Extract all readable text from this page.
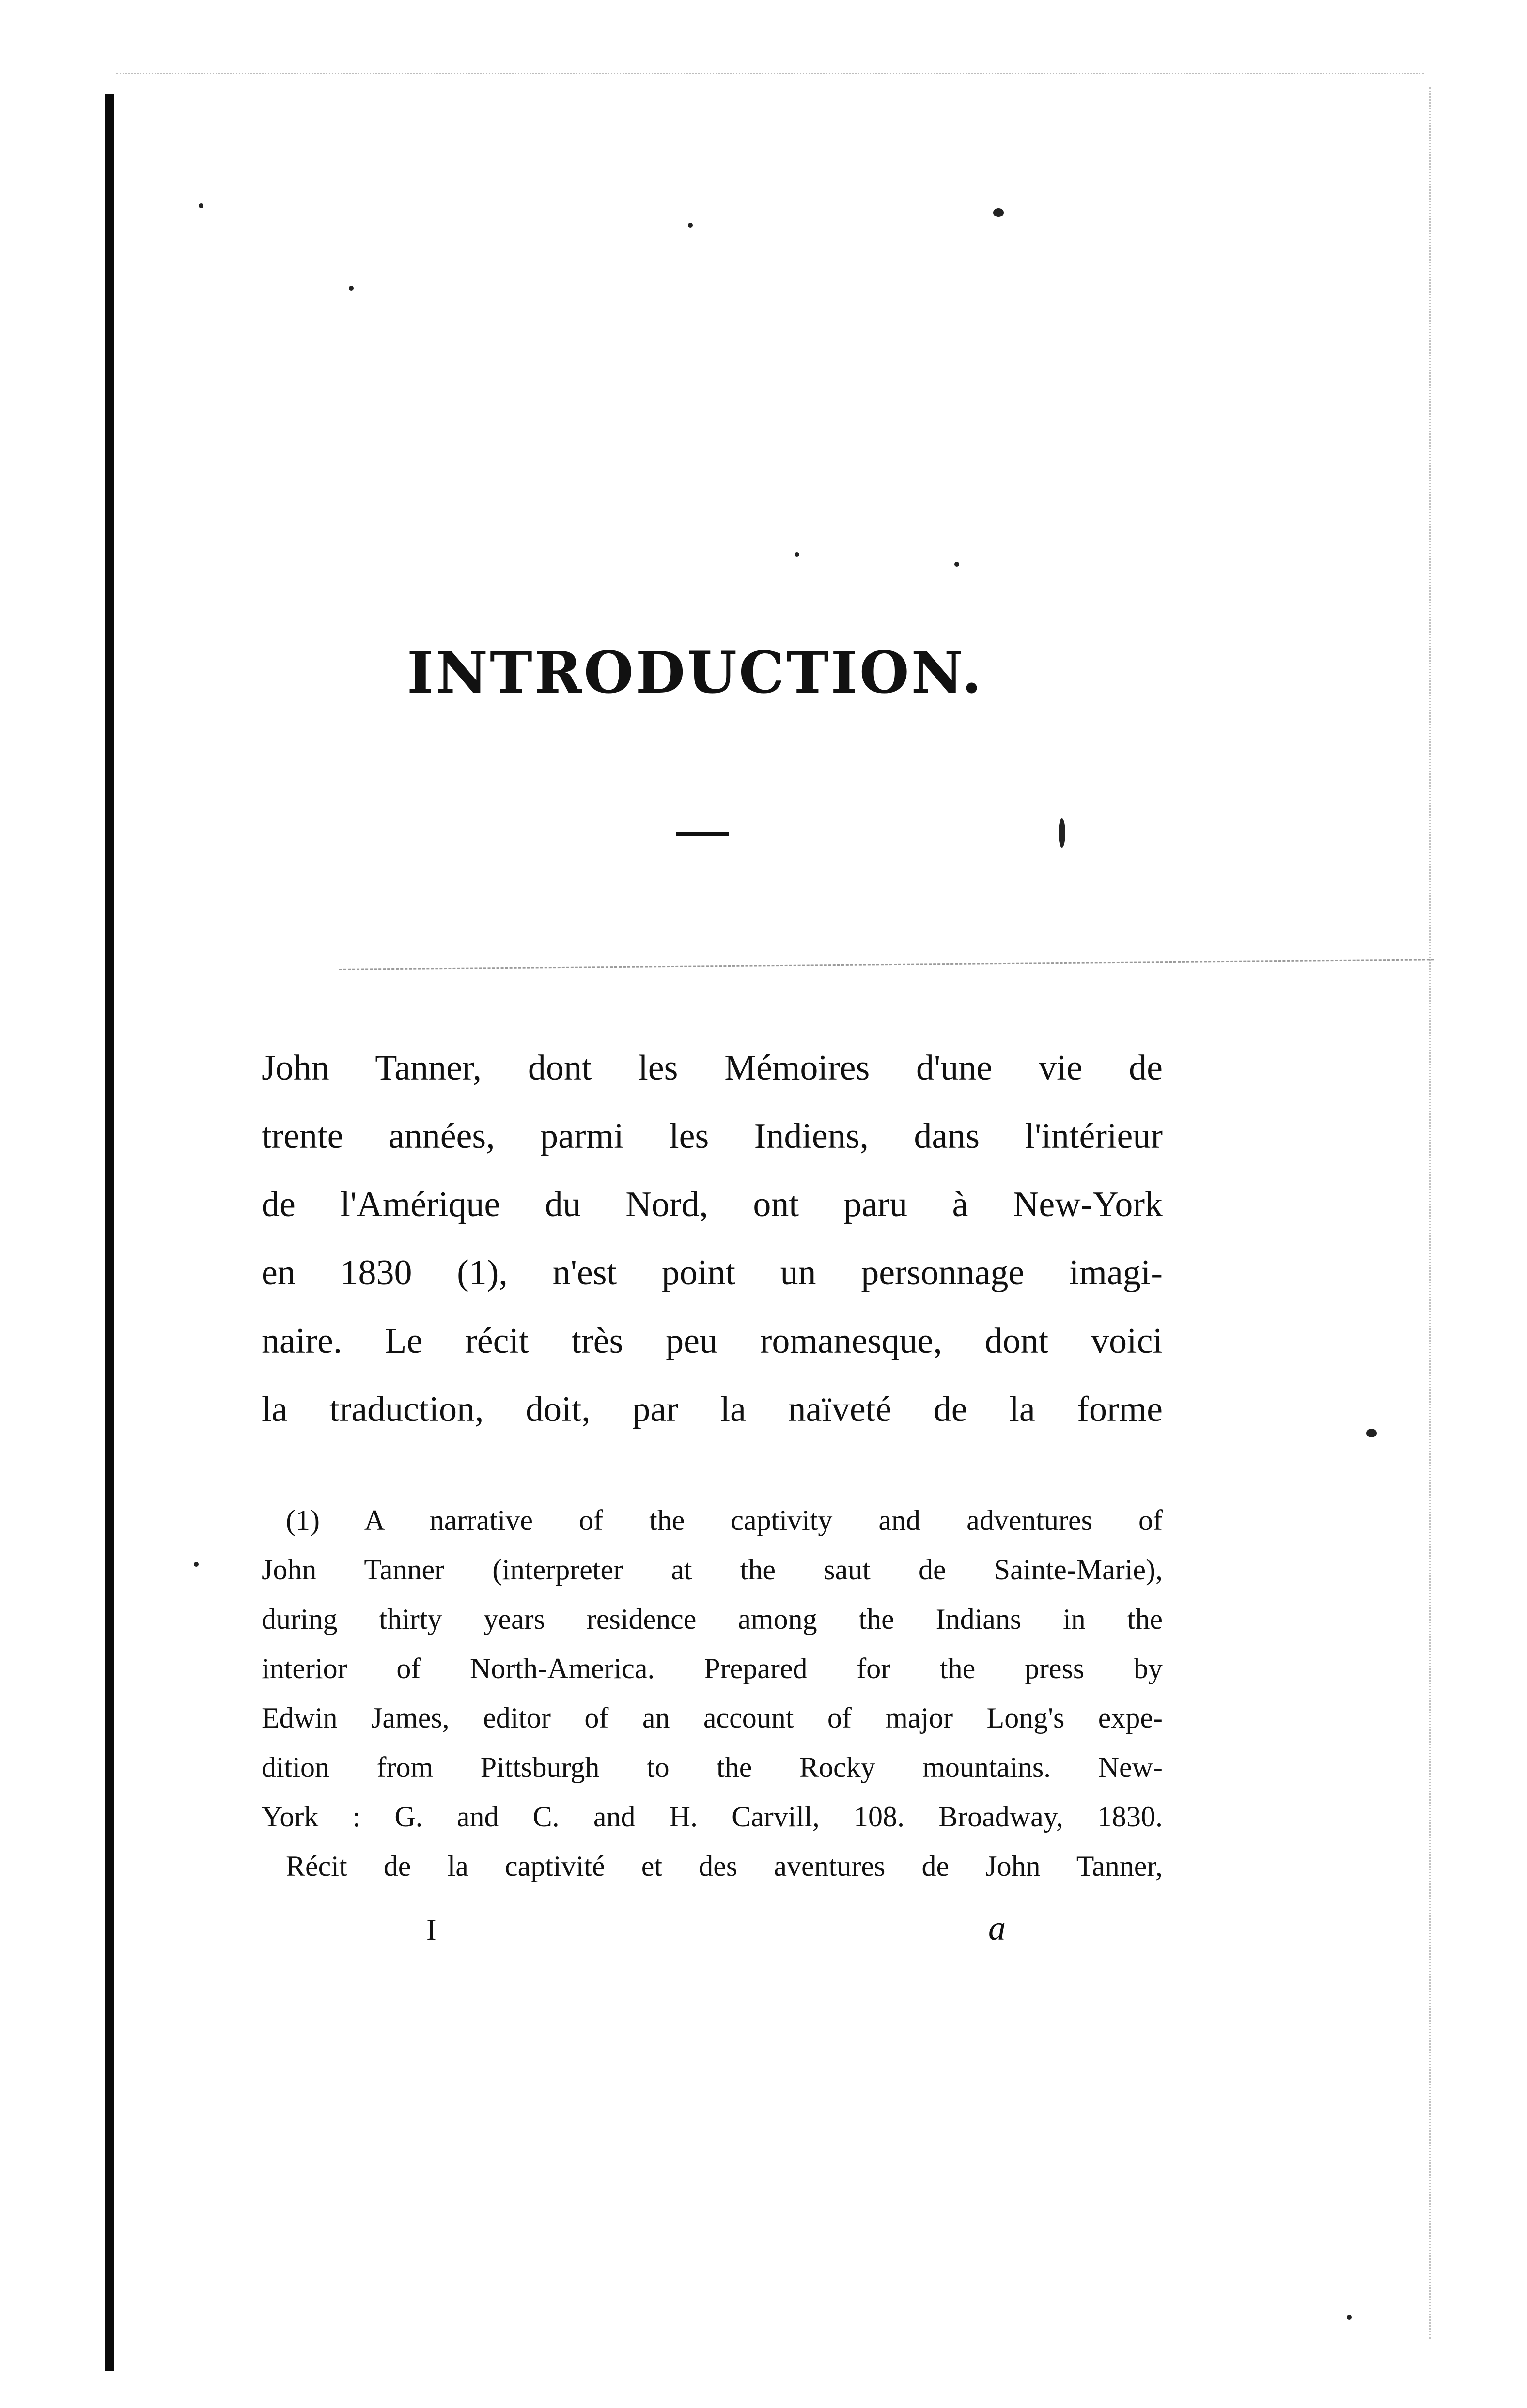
INTRODUCTION.
John Tanner, dont les Mémoires d'une vie de
trente années, parmi les Indiens, dans l'intérieur
de l'Amérique du Nord, ont paru à New-York
en 1830 (1), n'est point un personnage imagi-
naire. Le récit très peu romanesque, dont voici
la traduction, doit, par la naïveté de la forme
(1) A narrative of the captivity and adventures of
John Tanner (interpreter at the saut de Sainte-Marie),
during thirty years residence among the Indians in the
interior of North-America. Prepared for the press by
Edwin James, editor of an account of major Long's expe-
dition from Pittsburgh to the Rocky mountains. New-
York : G. and C. and H. Carvill, 108. Broadway, 1830.
Récit de la captivité et des aventures de John Tanner,
I	a
